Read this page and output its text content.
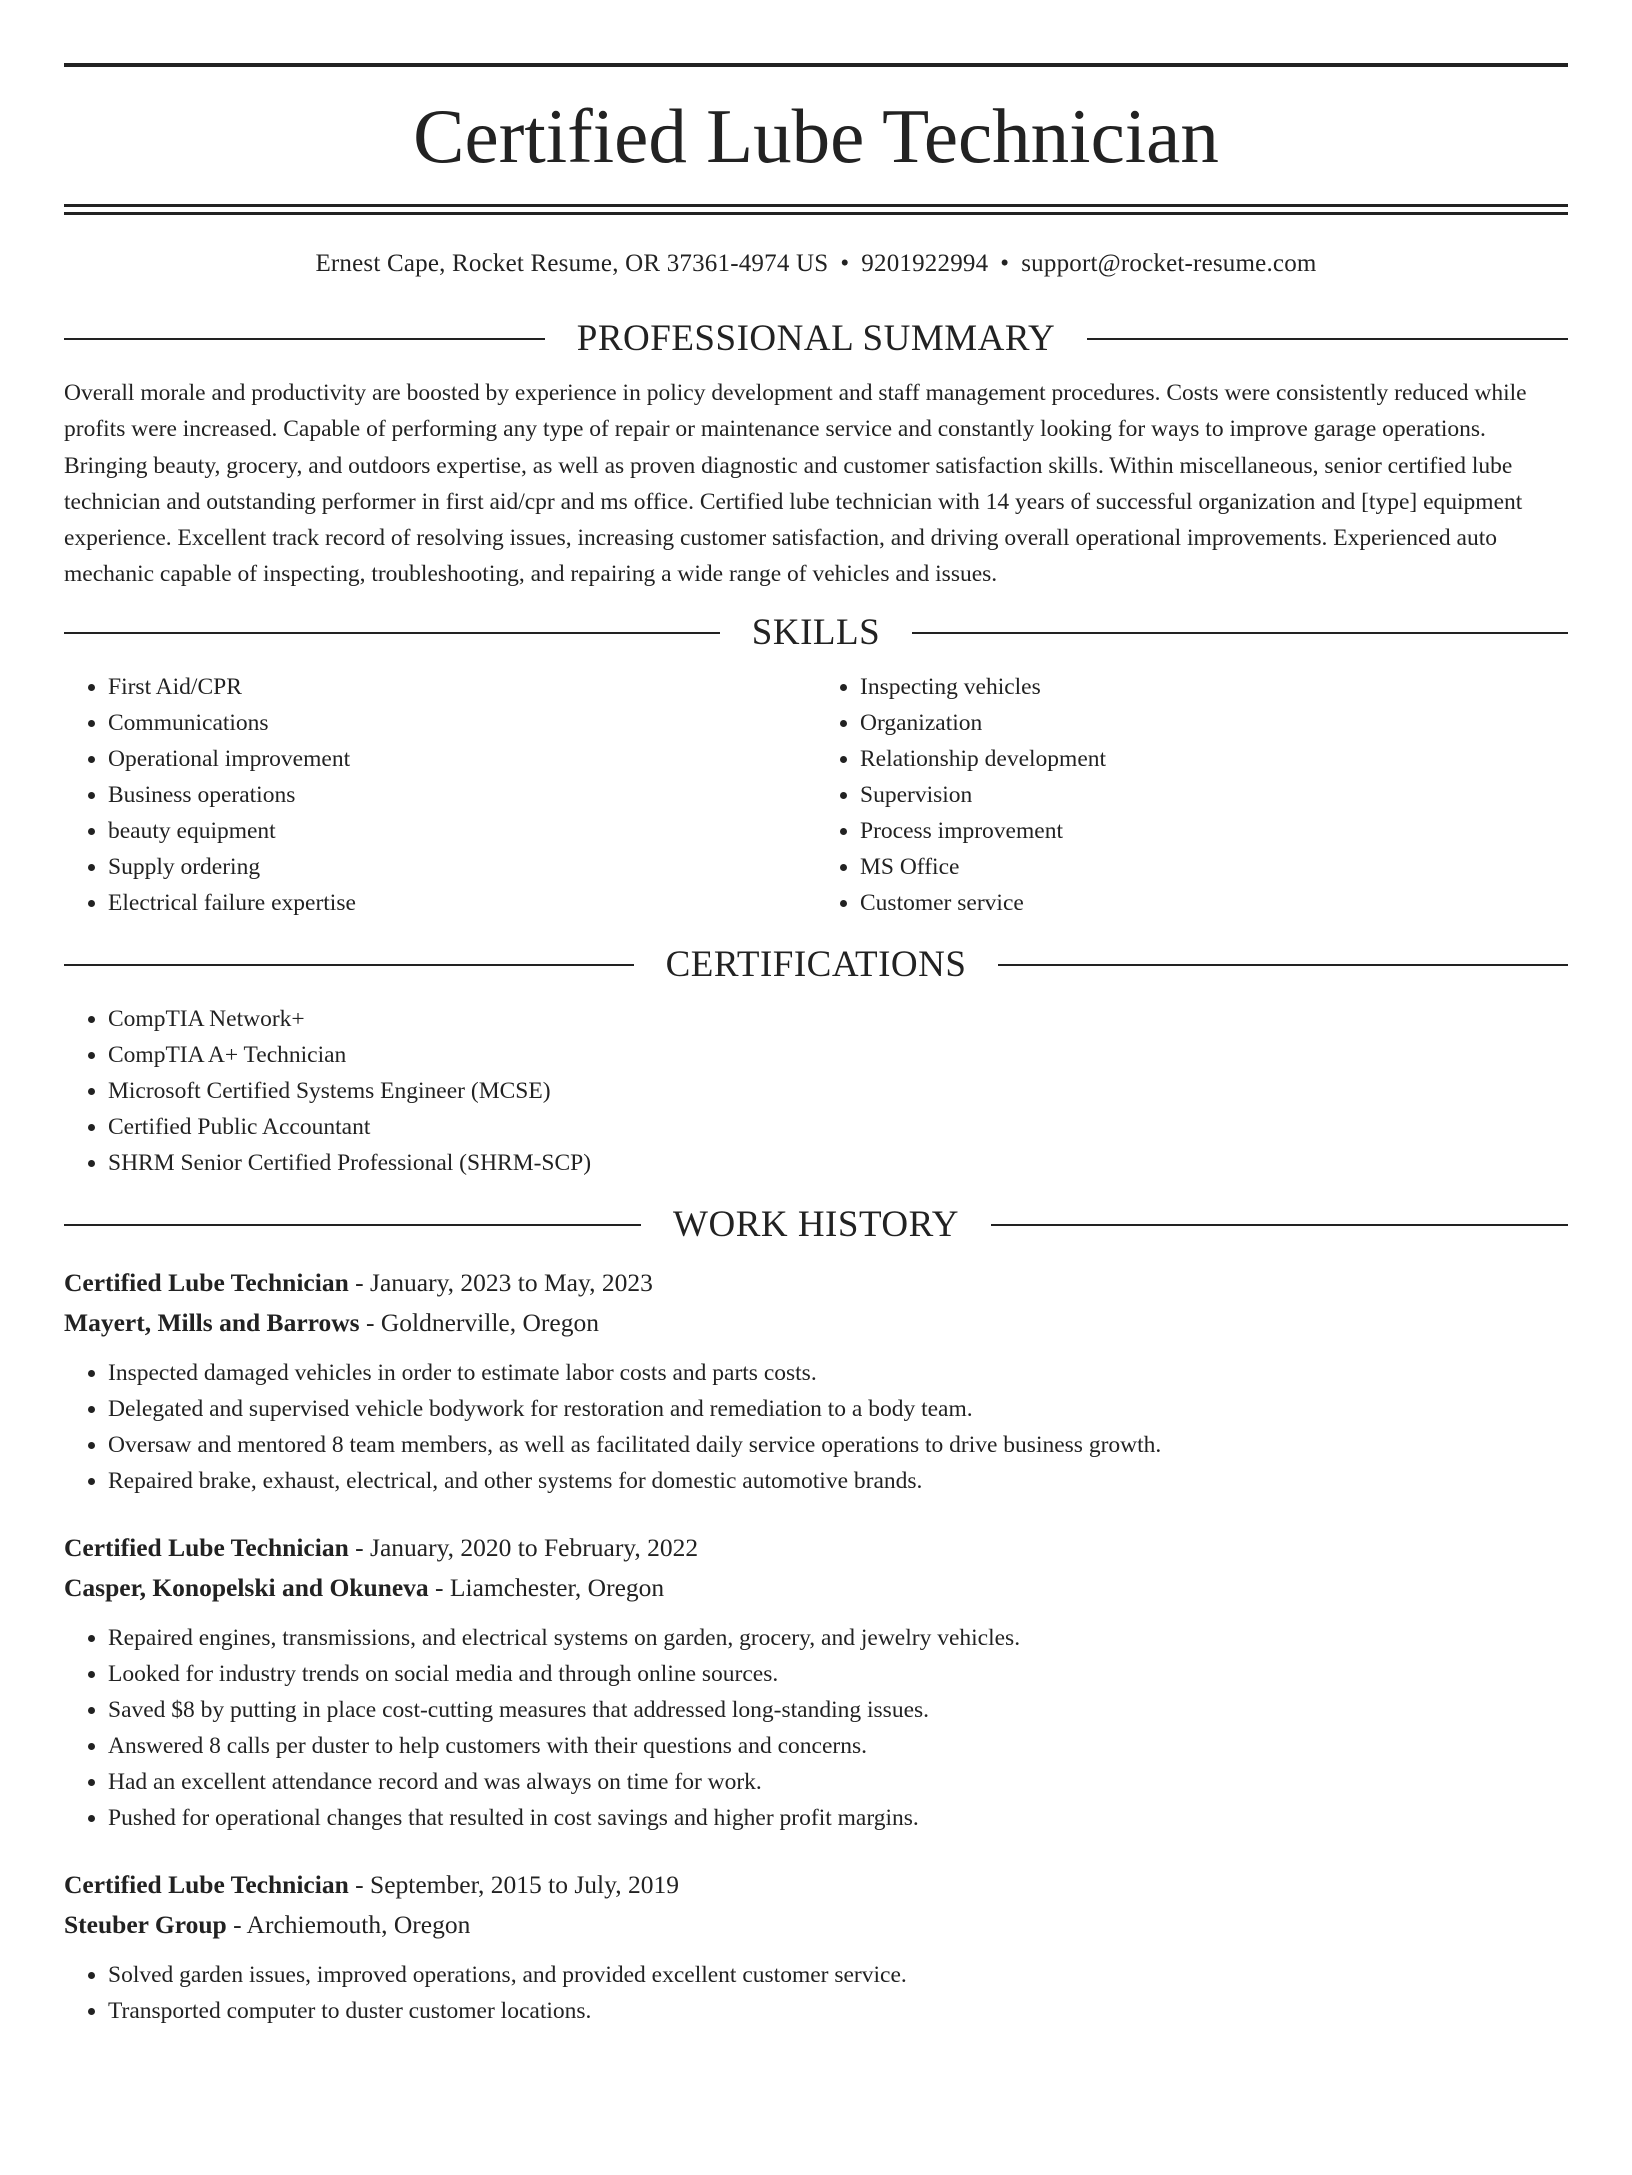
Certified Lube Technician
Ernest Cape, Rocket Resume, OR 37361-4974 US • 9201922994 • support@rocket-resume.com
PROFESSIONAL SUMMARY

Overall morale and productivity are boosted by experience in policy development and staff management procedures. Costs were consistently reduced while profits were increased. Capable of performing any type of repair or maintenance service and constantly looking for ways to improve garage operations. Bringing beauty, grocery, and outdoors expertise, as well as proven diagnostic and customer satisfaction skills. Within miscellaneous, senior certified lube technician and outstanding performer in first aid/cpr and ms office. Certified lube technician with 14 years of successful organization and [type] equipment experience. Excellent track record of resolving issues, increasing customer satisfaction, and driving overall operational improvements. Experienced auto mechanic capable of inspecting, troubleshooting, and repairing a wide range of vehicles and issues.

SKILLS
• First Aid/CPR
• Communications
• Operational improvement
• Business operations
• beauty equipment
• Supply ordering
• Electrical failure expertise
• Inspecting vehicles
• Organization
• Relationship development
• Supervision
• Process improvement
• MS Office
• Customer service
CERTIFICATIONS
• CompTIA Network+
• CompTIA A+ Technician
• Microsoft Certified Systems Engineer (MCSE)
• Certified Public Accountant
• SHRM Senior Certified Professional (SHRM-SCP)
WORK HISTORY
Certified Lube Technician - January, 2023 to May, 2023
Mayert, Mills and Barrows - Goldnerville, Oregon
• Inspected damaged vehicles in order to estimate labor costs and parts costs.
• Delegated and supervised vehicle bodywork for restoration and remediation to a body team.
• Oversaw and mentored 8 team members, as well as facilitated daily service operations to drive business growth.
• Repaired brake, exhaust, electrical, and other systems for domestic automotive brands.
Certified Lube Technician - January, 2020 to February, 2022
Casper, Konopelski and Okuneva - Liamchester, Oregon
• Repaired engines, transmissions, and electrical systems on garden, grocery, and jewelry vehicles.
• Looked for industry trends on social media and through online sources.
• Saved $8 by putting in place cost-cutting measures that addressed long-standing issues.
• Answered 8 calls per duster to help customers with their questions and concerns.
• Had an excellent attendance record and was always on time for work.
• Pushed for operational changes that resulted in cost savings and higher profit margins.
Certified Lube Technician - September, 2015 to July, 2019
Steuber Group - Archiemouth, Oregon
• Solved garden issues, improved operations, and provided excellent customer service.
• Transported computer to duster customer locations.
